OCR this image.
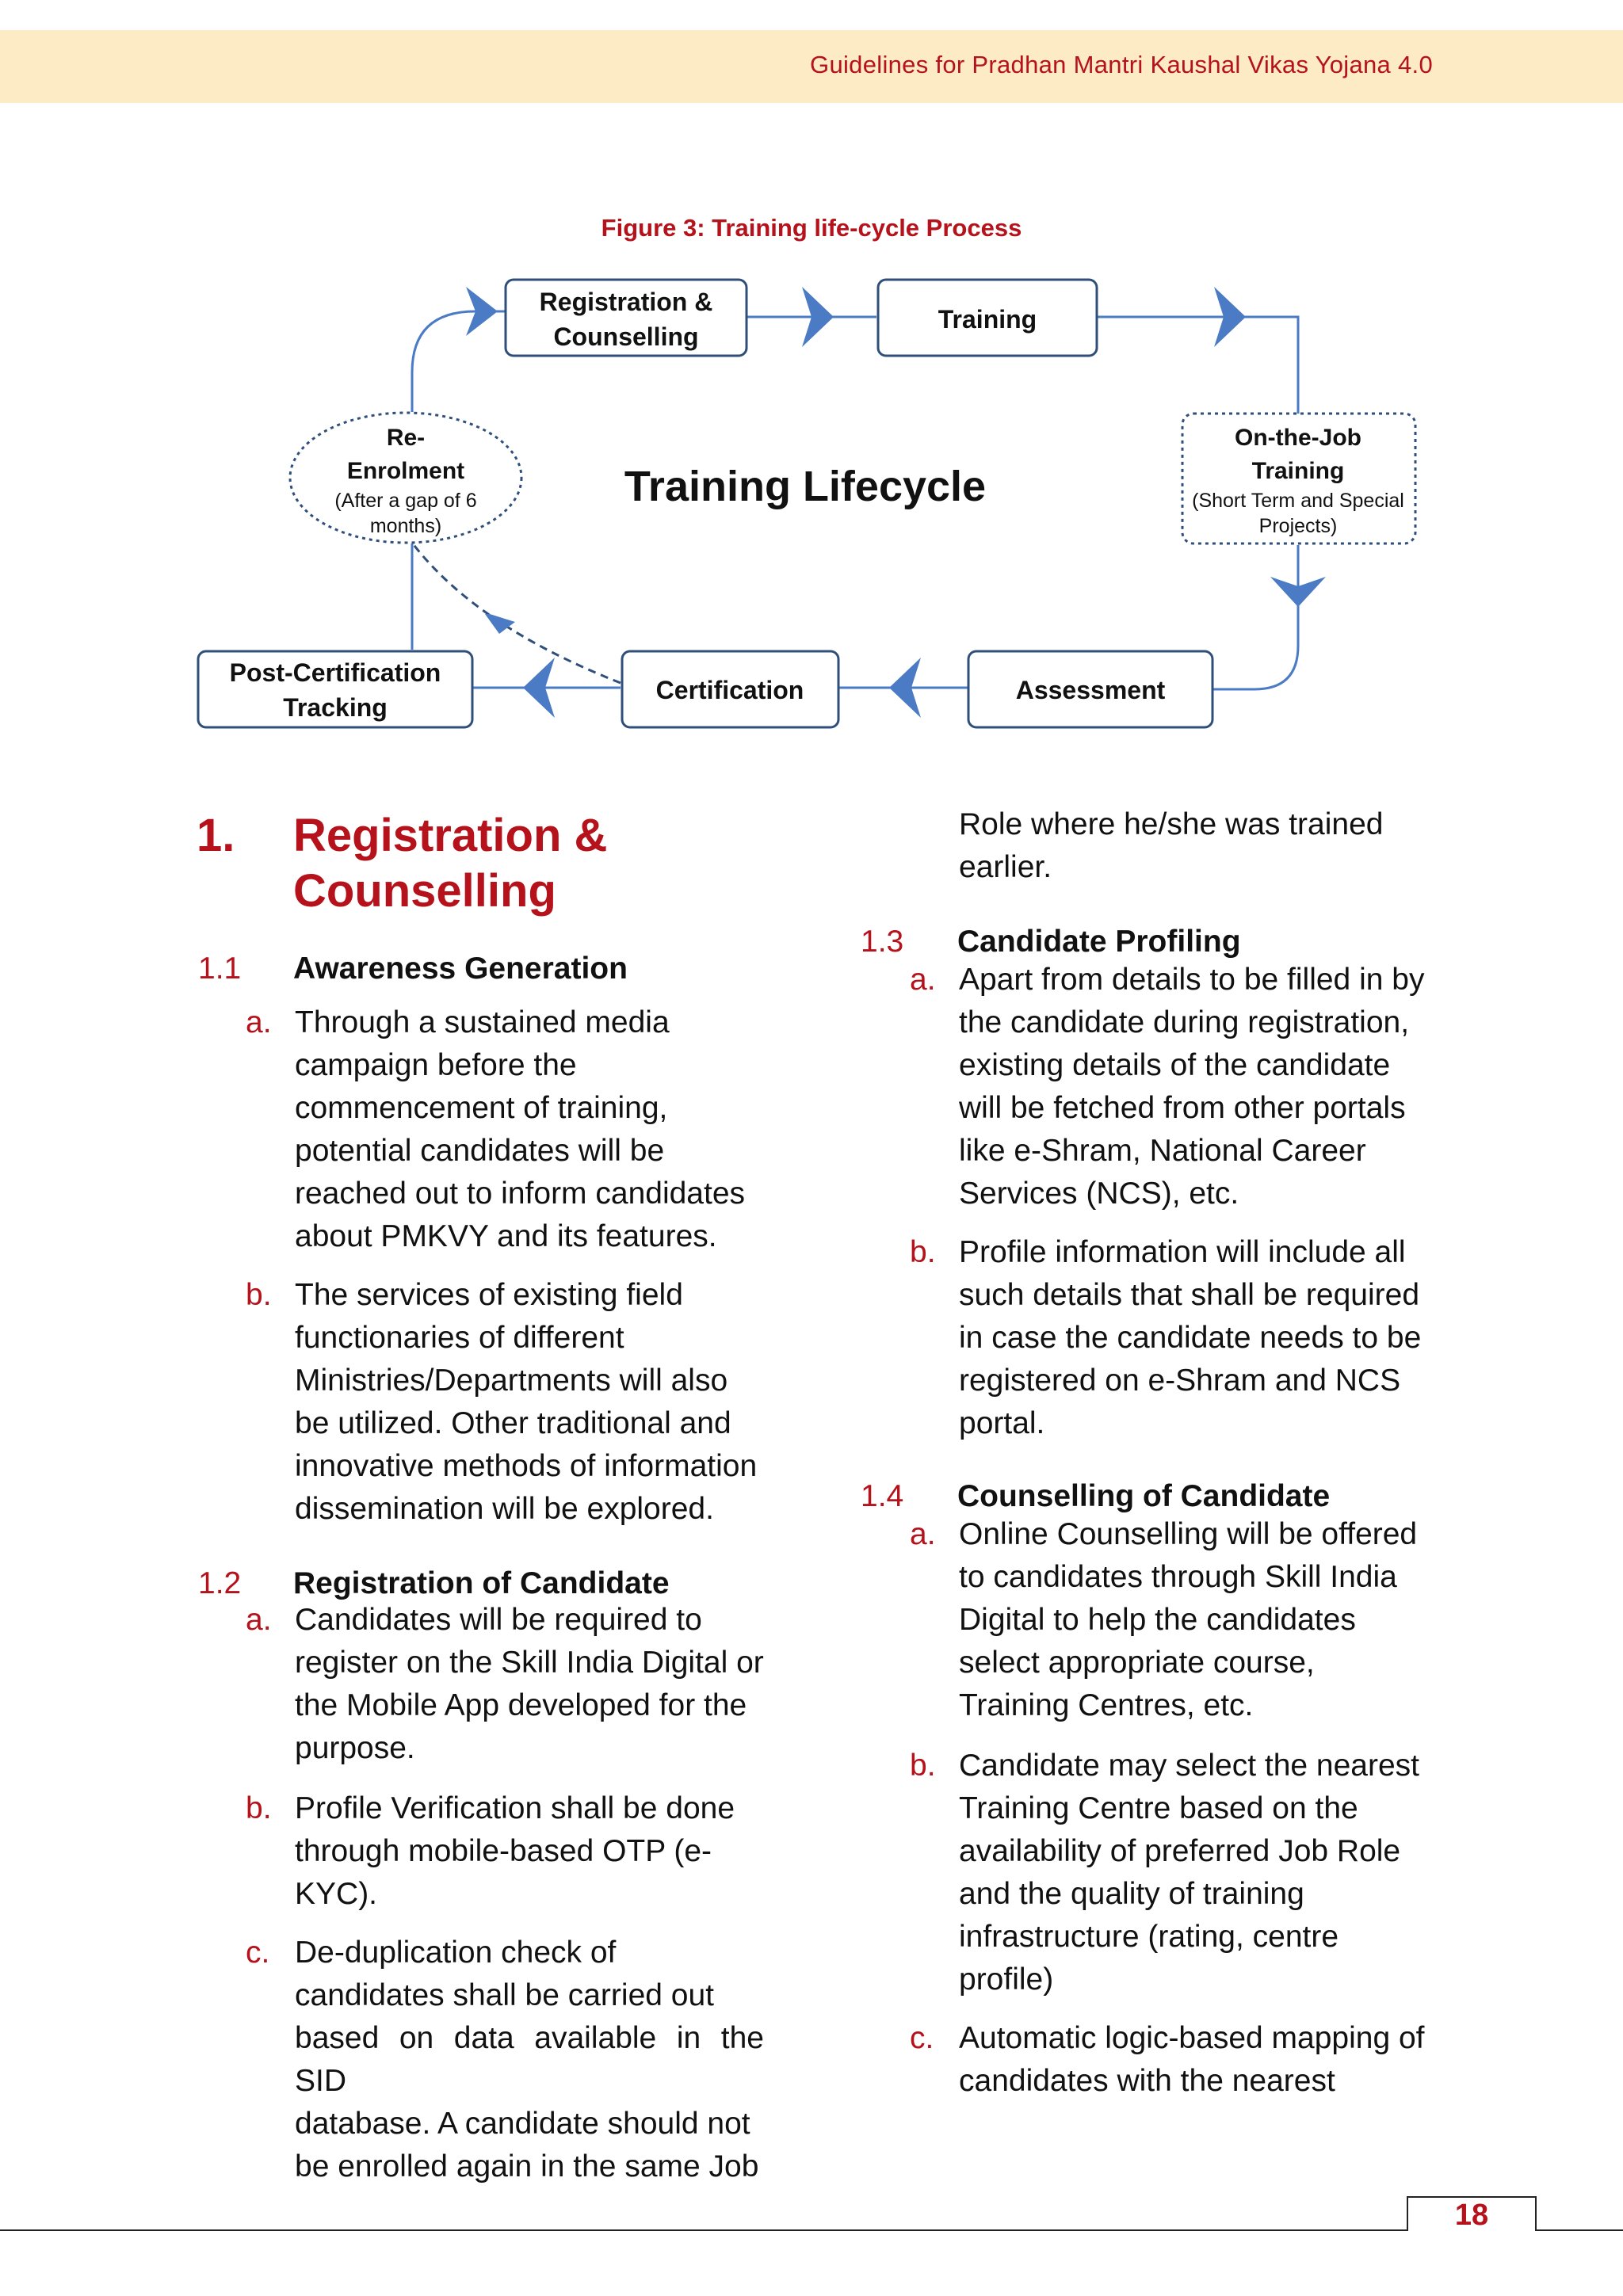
Guidelines for Pradhan Mantri Kaushal Vikas Yojana 4.0
Figure 3: Training life-cycle Process
Registration &
Counselling
Training
On-the-Job
Training
(Short Term and Special
Projects)
Assessment
Certification
Post-Certification
Tracking
Re-
Enrolment
(After a gap of 6
months)
Training Lifecycle
1. Registration &
Counselling
1.1 Awareness Generation
a. Through a sustained media
campaign before the
commencement of training,
potential candidates will be
reached out to inform candidates
about PMKVY and its features.
b. The services of existing field
functionaries of different
Ministries/Departments will also
be utilized. Other traditional and
innovative methods of information
dissemination will be explored.
1.2 Registration of Candidate
a. Candidates will be required to
register on the Skill India Digital or
the Mobile App developed for the
purpose.
b. Profile Verification shall be done
through mobile-based OTP (e-
KYC).
c. De-duplication check of
candidates shall be carried out
based on data available in the SID
database. A candidate should not
be enrolled again in the same Job
Role where he/she was trained
earlier.
1.3 Candidate Profiling
a. Apart from details to be filled in by
the candidate during registration,
existing details of the candidate
will be fetched from other portals
like e-Shram, National Career
Services (NCS), etc.
b. Profile information will include all
such details that shall be required
in case the candidate needs to be
registered on e-Shram and NCS
portal.
1.4 Counselling of Candidate
a. Online Counselling will be offered
to candidates through Skill India
Digital to help the candidates
select appropriate course,
Training Centres, etc.
b. Candidate may select the nearest
Training Centre based on the
availability of preferred Job Role
and the quality of training
infrastructure (rating, centre
profile)
c. Automatic logic-based mapping of
candidates with the nearest
18
